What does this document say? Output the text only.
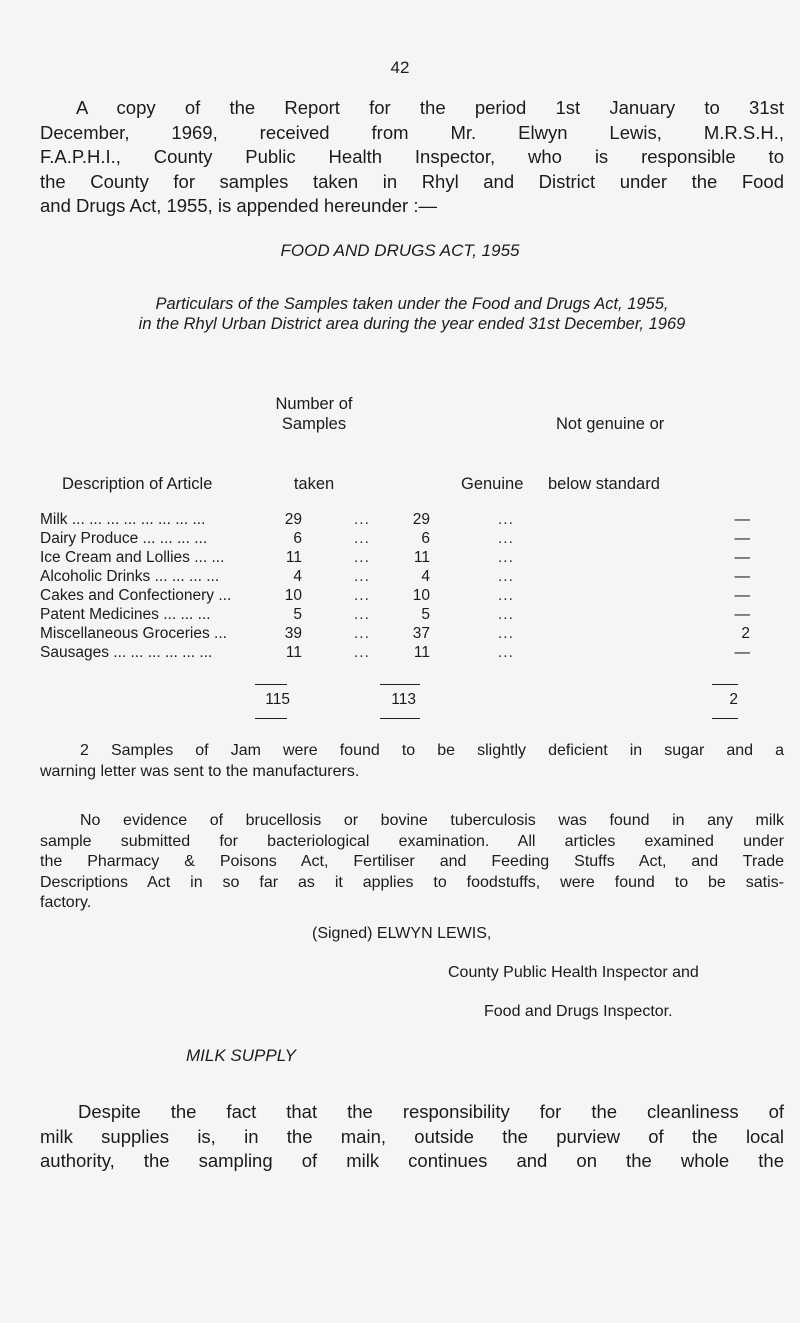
42
A copy of the Report for the period 1st January to 31st
December, 1969, received from Mr. Elwyn Lewis, M.R.S.H.,
F.A.P.H.I., County Public Health Inspector, who is responsible to
the County for samples taken in Rhyl and District under the Food
and Drugs Act, 1955, is appended hereunder :—
FOOD AND DRUGS ACT, 1955
Particulars of the Samples taken under the Food and Drugs Act, 1955,
in the Rhyl Urban District area during the year ended 31st December, 1969
Number of
Samples	Not genuine or
Description of Article	taken	Genuine below standard
Milk ... ... ... ... ... ... ... ...	29	...	29	...	—
Dairy Produce ... ... ... ...	6	...	6	...	—
Ice Cream and Lollies ... ...	11	...	11	...	—
Alcoholic Drinks ... ... ... ...	4	...	4	...	—
Cakes and Confectionery ...	10	...	10	...	—
Patent Medicines ... ... ...	5	...	5	...	—
Miscellaneous Groceries ...	39	...	37	...	2
Sausages ... ... ... ... ... ...	11	...	11	...	—
115	113	2
2 Samples of Jam were found to be slightly deficient in sugar and a
warning letter was sent to the manufacturers.
No evidence of brucellosis or bovine tuberculosis was found in any milk
sample submitted for bacteriological examination. All articles examined under
the Pharmacy & Poisons Act, Fertiliser and Feeding Stuffs Act, and Trade
Descriptions Act in so far as it applies to foodstuffs, were found to be satis-
factory.
(Signed) ELWYN LEWIS,
County Public Health Inspector and
Food and Drugs Inspector.
MILK SUPPLY
Despite the fact that the responsibility for the cleanliness of
milk supplies is, in the main, outside the purview of the local
authority, the sampling of milk continues and on the whole the
